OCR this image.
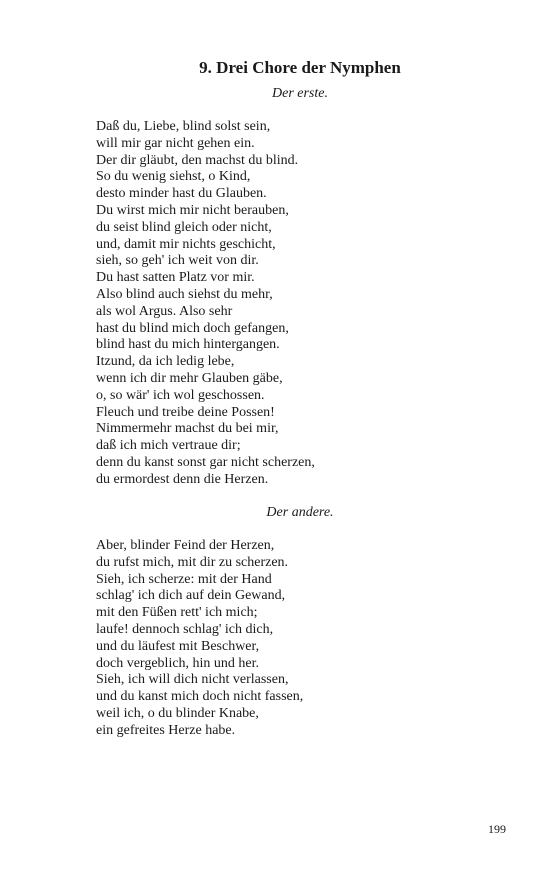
9. Drei Chore der Nymphen

Der erste.

Daß du, Liebe, blind solst sein,
will mir gar nicht gehen ein.
Der dir gläubt, den machst du blind.
So du wenig siehst, o Kind,
desto minder hast du Glauben.
Du wirst mich mir nicht berauben,
du seist blind gleich oder nicht,
und, damit mir nichts geschicht,
sieh, so geh' ich weit von dir.
Du hast satten Platz vor mir.
Also blind auch siehst du mehr,
als wol Argus. Also sehr
hast du blind mich doch gefangen,
blind hast du mich hintergangen.
Itzund, da ich ledig lebe,
wenn ich dir mehr Glauben gäbe,
o, so wär' ich wol geschossen.
Fleuch und treibe deine Possen!
Nimmermehr machst du bei mir,
daß ich mich vertraue dir;
denn du kanst sonst gar nicht scherzen,
du ermordest denn die Herzen.

Der andere.

Aber, blinder Feind der Herzen,
du rufst mich, mit dir zu scherzen.
Sieh, ich scherze: mit der Hand
schlag' ich dich auf dein Gewand,
mit den Füßen rett' ich mich;
laufe! dennoch schlag' ich dich,
und du läufest mit Beschwer,
doch vergeblich, hin und her.
Sieh, ich will dich nicht verlassen,
und du kanst mich doch nicht fassen,
weil ich, o du blinder Knabe,
ein gefreites Herze habe.
199
